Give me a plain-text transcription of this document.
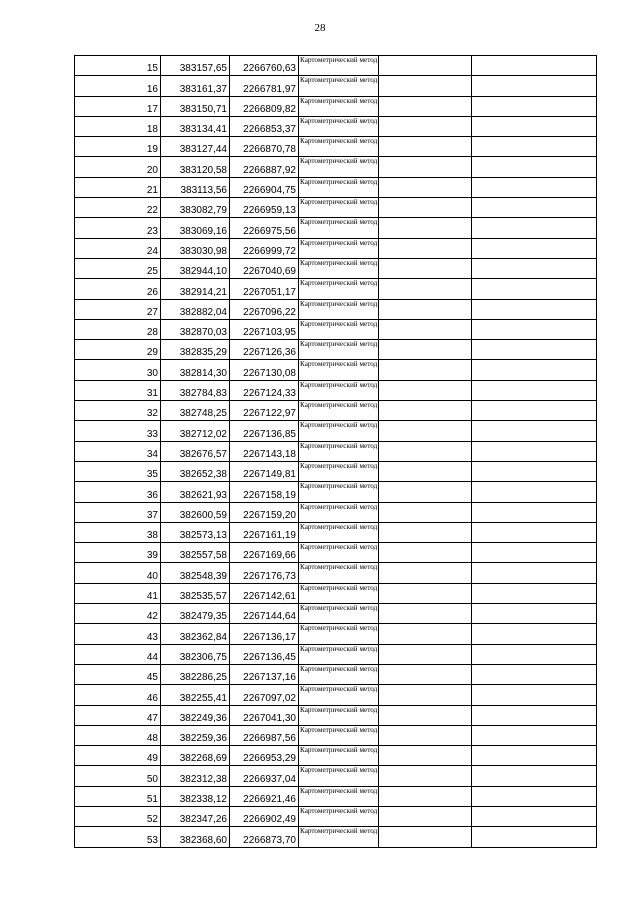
28
15	383157,65	2266760,63	Картометрический метод		
16	383161,37	2266781,97	Картометрический метод		
17	383150,71	2266809,82	Картометрический метод		
18	383134,41	2266853,37	Картометрический метод		
19	383127,44	2266870,78	Картометрический метод		
20	383120,58	2266887,92	Картометрический метод		
21	383113,56	2266904,75	Картометрический метод		
22	383082,79	2266959,13	Картометрический метод		
23	383069,16	2266975,56	Картометрический метод		
24	383030,98	2266999,72	Картометрический метод		
25	382944,10	2267040,69	Картометрический метод		
26	382914,21	2267051,17	Картометрический метод		
27	382882,04	2267096,22	Картометрический метод		
28	382870,03	2267103,95	Картометрический метод		
29	382835,29	2267126,36	Картометрический метод		
30	382814,30	2267130,08	Картометрический метод		
31	382784,83	2267124,33	Картометрический метод		
32	382748,25	2267122,97	Картометрический метод		
33	382712,02	2267136,85	Картометрический метод		
34	382676,57	2267143,18	Картометрический метод		
35	382652,38	2267149,81	Картометрический метод		
36	382621,93	2267158,19	Картометрический метод		
37	382600,59	2267159,20	Картометрический метод		
38	382573,13	2267161,19	Картометрический метод		
39	382557,58	2267169,66	Картометрический метод		
40	382548,39	2267176,73	Картометрический метод		
41	382535,57	2267142,61	Картометрический метод		
42	382479,35	2267144,64	Картометрический метод		
43	382362,84	2267136,17	Картометрический метод		
44	382306,75	2267136,45	Картометрический метод		
45	382286,25	2267137,16	Картометрический метод		
46	382255,41	2267097,02	Картометрический метод		
47	382249,36	2267041,30	Картометрический метод		
48	382259,36	2266987,56	Картометрический метод		
49	382268,69	2266953,29	Картометрический метод		
50	382312,38	2266937,04	Картометрический метод		
51	382338,12	2266921,46	Картометрический метод		
52	382347,26	2266902,49	Картометрический метод		
53	382368,60	2266873,70	Картометрический метод		
